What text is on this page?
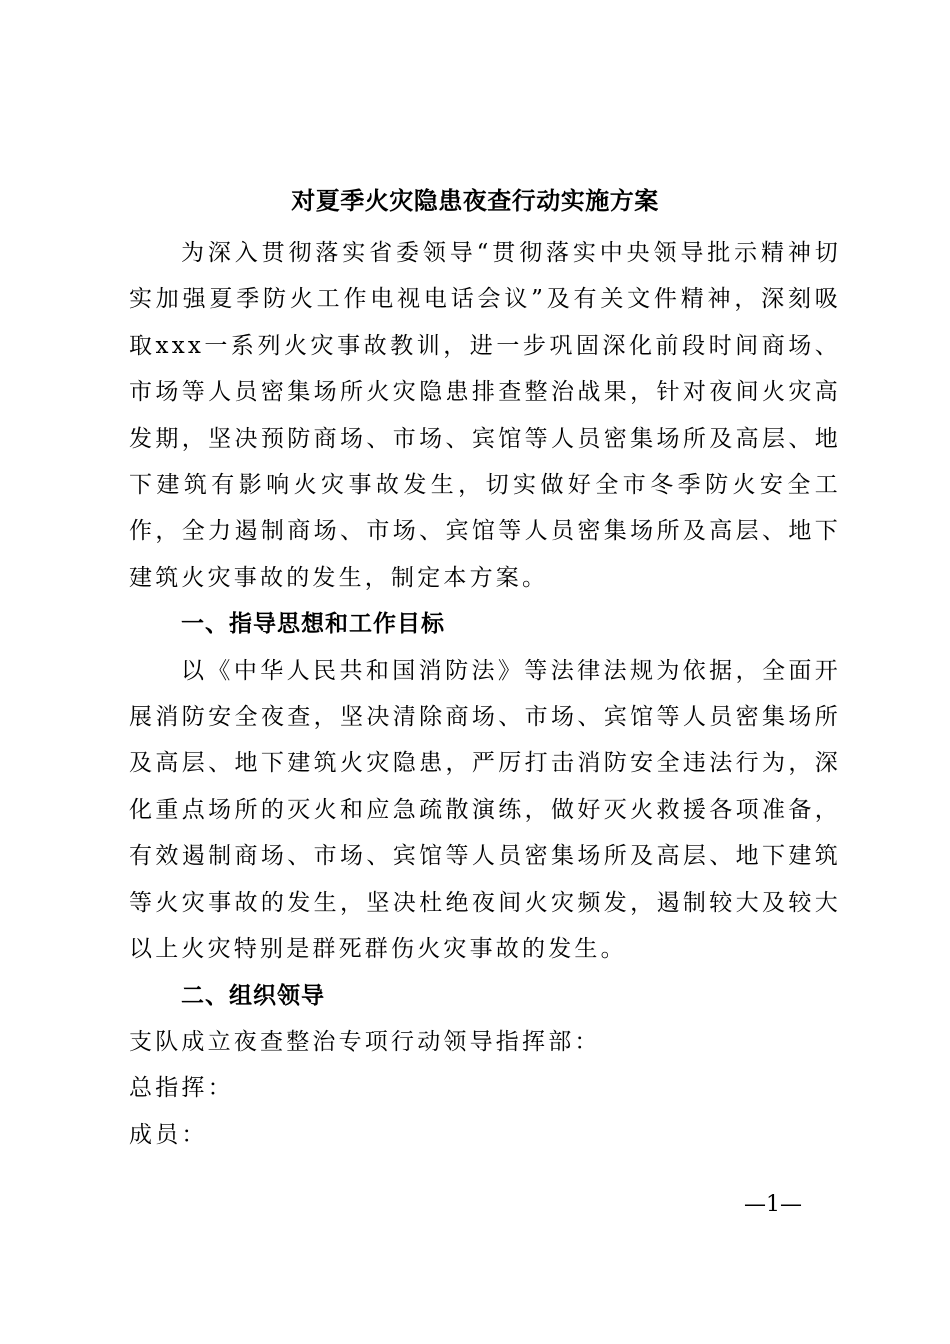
对夏季火灾隐患夜查行动实施方案

为深入贯彻落实省委领导“贯彻落实中央领导批示精神切实加强夏季防火工作电视电话会议”及有关文件精神，深刻吸取xxx一系列火灾事故教训，进一步巩固深化前段时间商场、市场等人员密集场所火灾隐患排查整治战果，针对夜间火灾高发期，坚决预防商场、市场、宾馆等人员密集场所及高层、地下建筑有影响火灾事故发生，切实做好全市冬季防火安全工作，全力遏制商场、市场、宾馆等人员密集场所及高层、地下建筑火灾事故的发生，制定本方案。

一、指导思想和工作目标

以《中华人民共和国消防法》等法律法规为依据，全面开展消防安全夜查，坚决清除商场、市场、宾馆等人员密集场所及高层、地下建筑火灾隐患，严厉打击消防安全违法行为，深化重点场所的灭火和应急疏散演练，做好灭火救援各项准备，有效遏制商场、市场、宾馆等人员密集场所及高层、地下建筑等火灾事故的发生，坚决杜绝夜间火灾频发，遏制较大及较大以上火灾特别是群死群伤火灾事故的发生。

二、组织领导

支队成立夜查整治专项行动领导指挥部：

总指挥：

成员：

—1—
